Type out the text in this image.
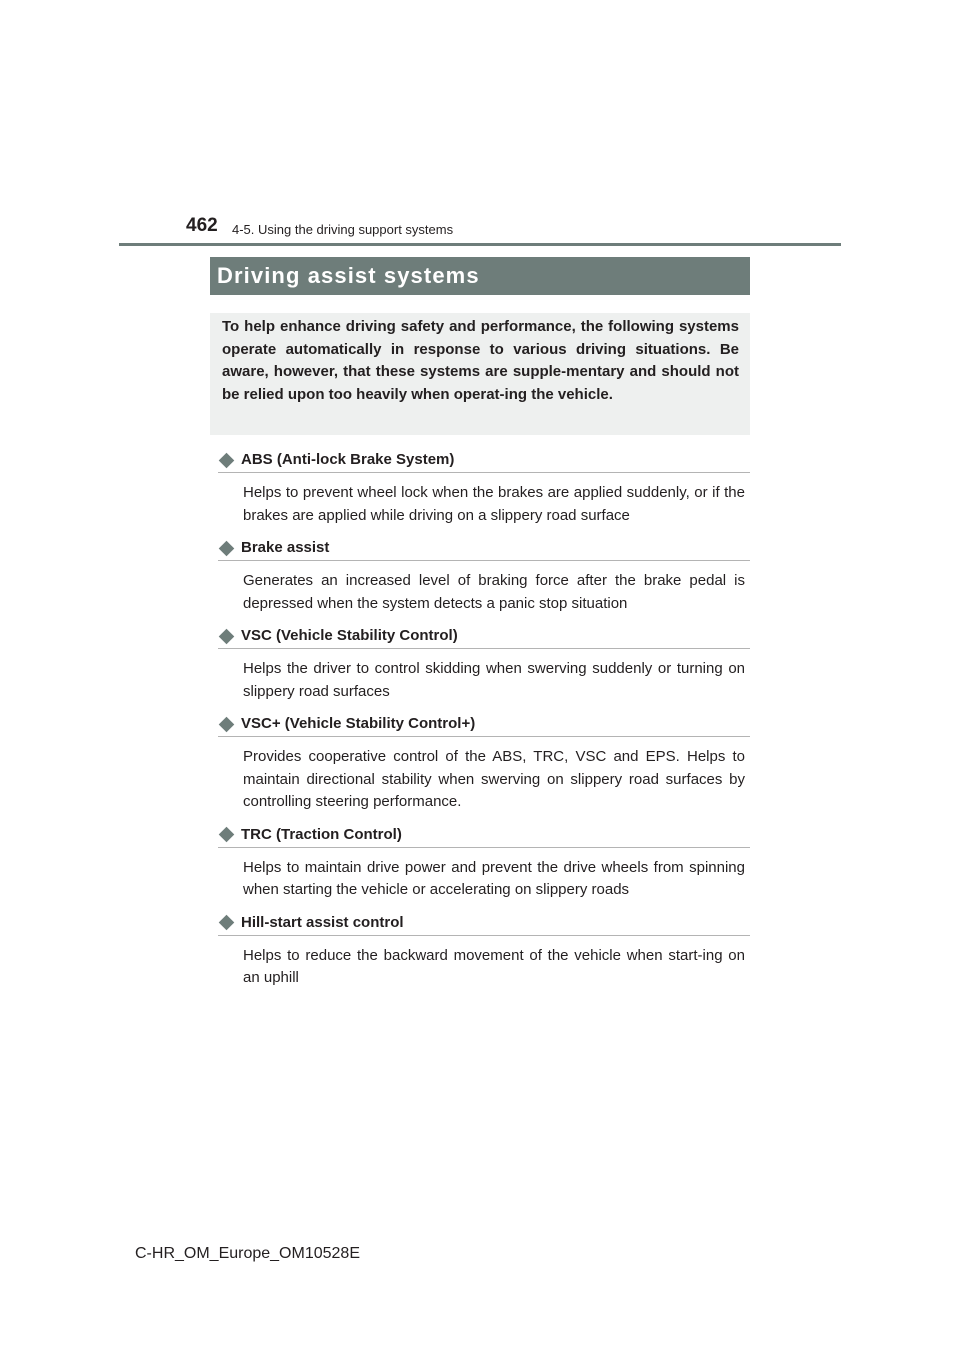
462 4-5. Using the driving support systems
Driving assist systems

To help enhance driving safety and performance, the following systems operate automatically in response to various driving situations. Be aware, however, that these systems are supple-mentary and should not be relied upon too heavily when operat-ing the vehicle.

ABS (Anti-lock Brake System)

Helps to prevent wheel lock when the brakes are applied suddenly, or if the brakes are applied while driving on a slippery road surface

Brake assist

Generates an increased level of braking force after the brake pedal is depressed when the system detects a panic stop situation

VSC (Vehicle Stability Control)

Helps the driver to control skidding when swerving suddenly or turning on slippery road surfaces

VSC+ (Vehicle Stability Control+)

Provides cooperative control of the ABS, TRC, VSC and EPS. Helps to maintain directional stability when swerving on slippery road surfaces by controlling steering performance.

TRC (Traction Control)

Helps to maintain drive power and prevent the drive wheels from spinning when starting the vehicle or accelerating on slippery roads

Hill-start assist control

Helps to reduce the backward movement of the vehicle when start-ing on an uphill

C-HR_OM_Europe_OM10528E
